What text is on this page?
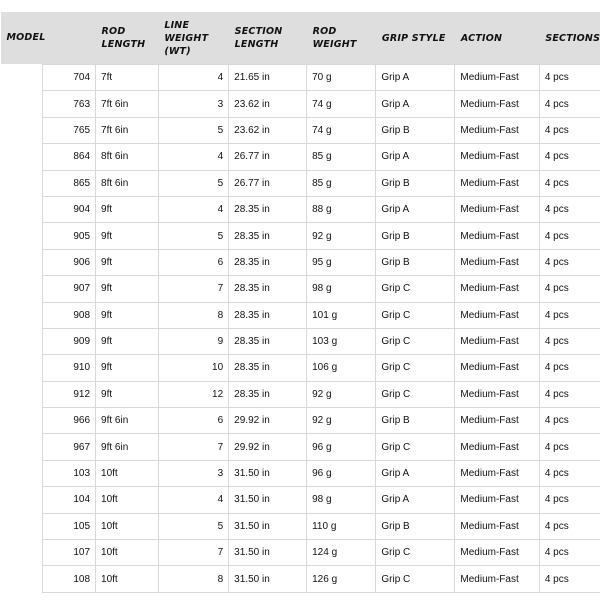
MODEL	ROD LENGTH	LINE WEIGHT (WT)	SECTION LENGTH	ROD WEIGHT	GRIP STYLE	ACTION	SECTIONS
704	7ft	4	21.65 in	70 g	Grip A	Medium-Fast	4 pcs
763	7ft 6in	3	23.62 in	74 g	Grip A	Medium-Fast	4 pcs
765	7ft 6in	5	23.62 in	74 g	Grip B	Medium-Fast	4 pcs
864	8ft 6in	4	26.77 in	85 g	Grip A	Medium-Fast	4 pcs
865	8ft 6in	5	26.77 in	85 g	Grip B	Medium-Fast	4 pcs
904	9ft	4	28.35 in	88 g	Grip A	Medium-Fast	4 pcs
905	9ft	5	28.35 in	92 g	Grip B	Medium-Fast	4 pcs
906	9ft	6	28.35 in	95 g	Grip B	Medium-Fast	4 pcs
907	9ft	7	28.35 in	98 g	Grip C	Medium-Fast	4 pcs
908	9ft	8	28.35 in	101 g	Grip C	Medium-Fast	4 pcs
909	9ft	9	28.35 in	103 g	Grip C	Medium-Fast	4 pcs
910	9ft	10	28.35 in	106 g	Grip C	Medium-Fast	4 pcs
912	9ft	12	28.35 in	92 g	Grip C	Medium-Fast	4 pcs
966	9ft 6in	6	29.92 in	92 g	Grip B	Medium-Fast	4 pcs
967	9ft 6in	7	29.92 in	96 g	Grip C	Medium-Fast	4 pcs
103	10ft	3	31.50 in	96 g	Grip A	Medium-Fast	4 pcs
104	10ft	4	31.50 in	98 g	Grip A	Medium-Fast	4 pcs
105	10ft	5	31.50 in	110 g	Grip B	Medium-Fast	4 pcs
107	10ft	7	31.50 in	124 g	Grip C	Medium-Fast	4 pcs
108	10ft	8	31.50 in	126 g	Grip C	Medium-Fast	4 pcs
